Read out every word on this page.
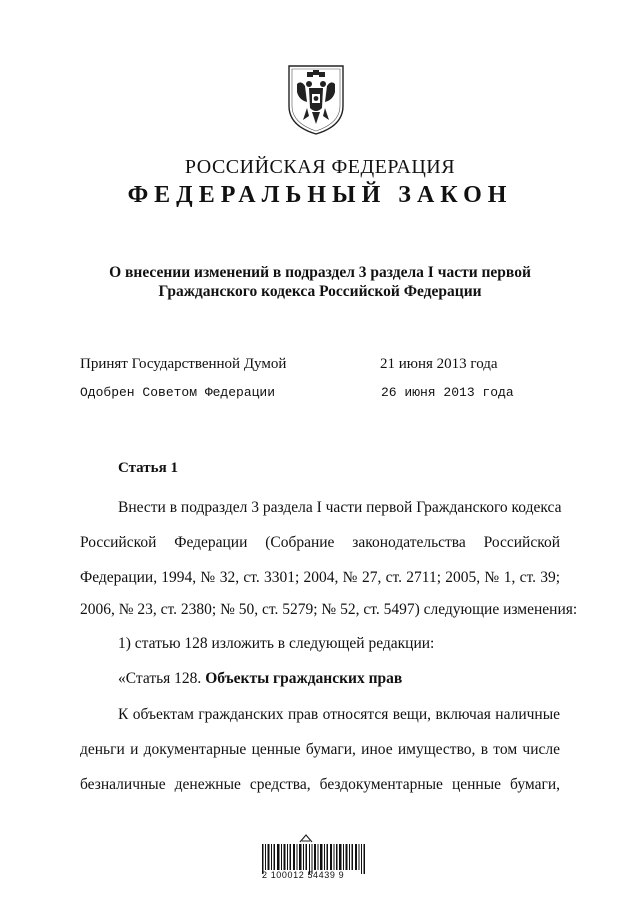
РОССИЙСКАЯ ФЕДЕРАЦИЯ
ФЕДЕРАЛЬНЫЙ ЗАКОН
О внесении изменений в подраздел 3 раздела I части первой
Гражданского кодекса Российской Федерации
Принят Государственной Думой	21 июня 2013 года
Одобрен Советом Федерации	26 июня 2013 года
Статья 1
Внести в подраздел 3 раздела I части первой Гражданского кодекса
Российской Федерации (Собрание законодательства Российской
Федерации, 1994, № 32, ст. 3301; 2004, № 27, ст. 2711; 2005, № 1, ст. 39;
2006, № 23, ст. 2380; № 50, ст. 5279; № 52, ст. 5497) следующие изменения:
1) статью 128 изложить в следующей редакции:
«Статья 128. Объекты гражданских прав
К объектам гражданских прав относятся вещи, включая наличные
деньги и документарные ценные бумаги, иное имущество, в том числе
безналичные денежные средства, бездокументарные ценные бумаги,
2 100012 54439 9
